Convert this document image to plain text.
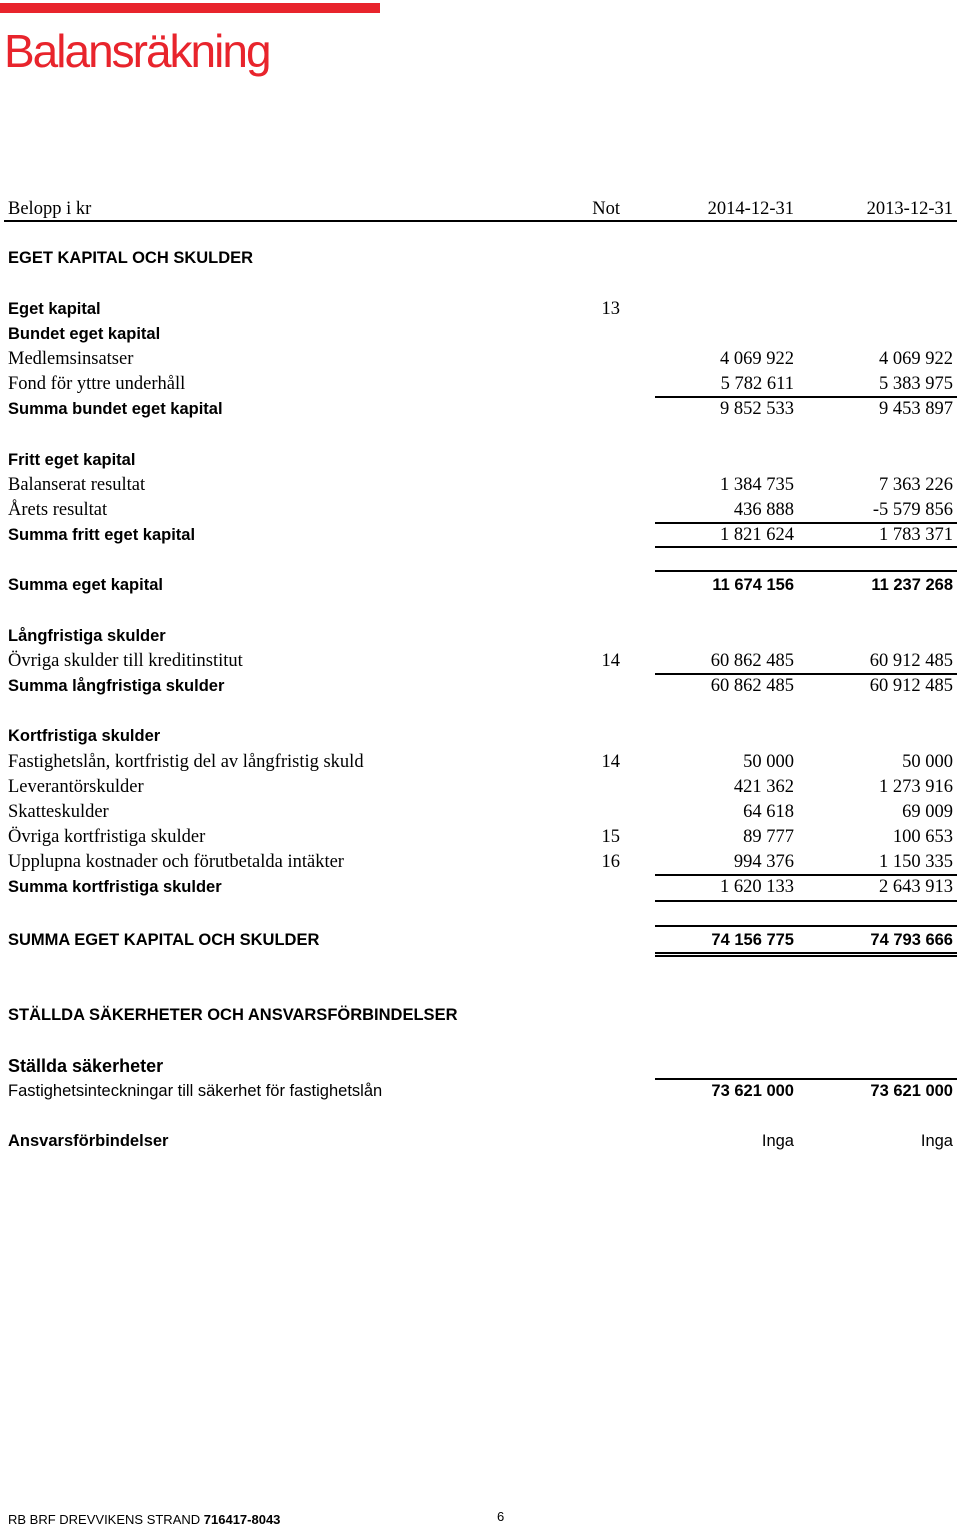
Balansräkning
Belopp i kr	Not	2014-12-31	2013-12-31
EGET KAPITAL OCH SKULDER
Eget kapital	13
Bundet eget kapital
Medlemsinsatser	4 069 922	4 069 922
Fond för yttre underhåll	5 782 611	5 383 975
Summa bundet eget kapital	9 852 533	9 453 897
Fritt eget kapital
Balanserat resultat	1 384 735	7 363 226
Årets resultat	436 888	-5 579 856
Summa fritt eget kapital	1 821 624	1 783 371
Summa eget kapital	11 674 156	11 237 268
Långfristiga skulder
Övriga skulder till kreditinstitut	14	60 862 485	60 912 485
Summa långfristiga skulder	60 862 485	60 912 485
Kortfristiga skulder
Fastighetslån, kortfristig del av långfristig skuld	14	50 000	50 000
Leverantörskulder	421 362	1 273 916
Skatteskulder	64 618	69 009
Övriga kortfristiga skulder	15	89 777	100 653
Upplupna kostnader och förutbetalda intäkter	16	994 376	1 150 335
Summa kortfristiga skulder	1 620 133	2 643 913
SUMMA EGET KAPITAL OCH SKULDER	74 156 775	74 793 666
STÄLLDA SÄKERHETER OCH ANSVARSFÖRBINDELSER
Ställda säkerheter
Fastighetsinteckningar till säkerhet för fastighetslån	73 621 000	73 621 000
Ansvarsförbindelser	Inga	Inga
RB BRF DREVVIKENS STRAND 716417-8043	6
